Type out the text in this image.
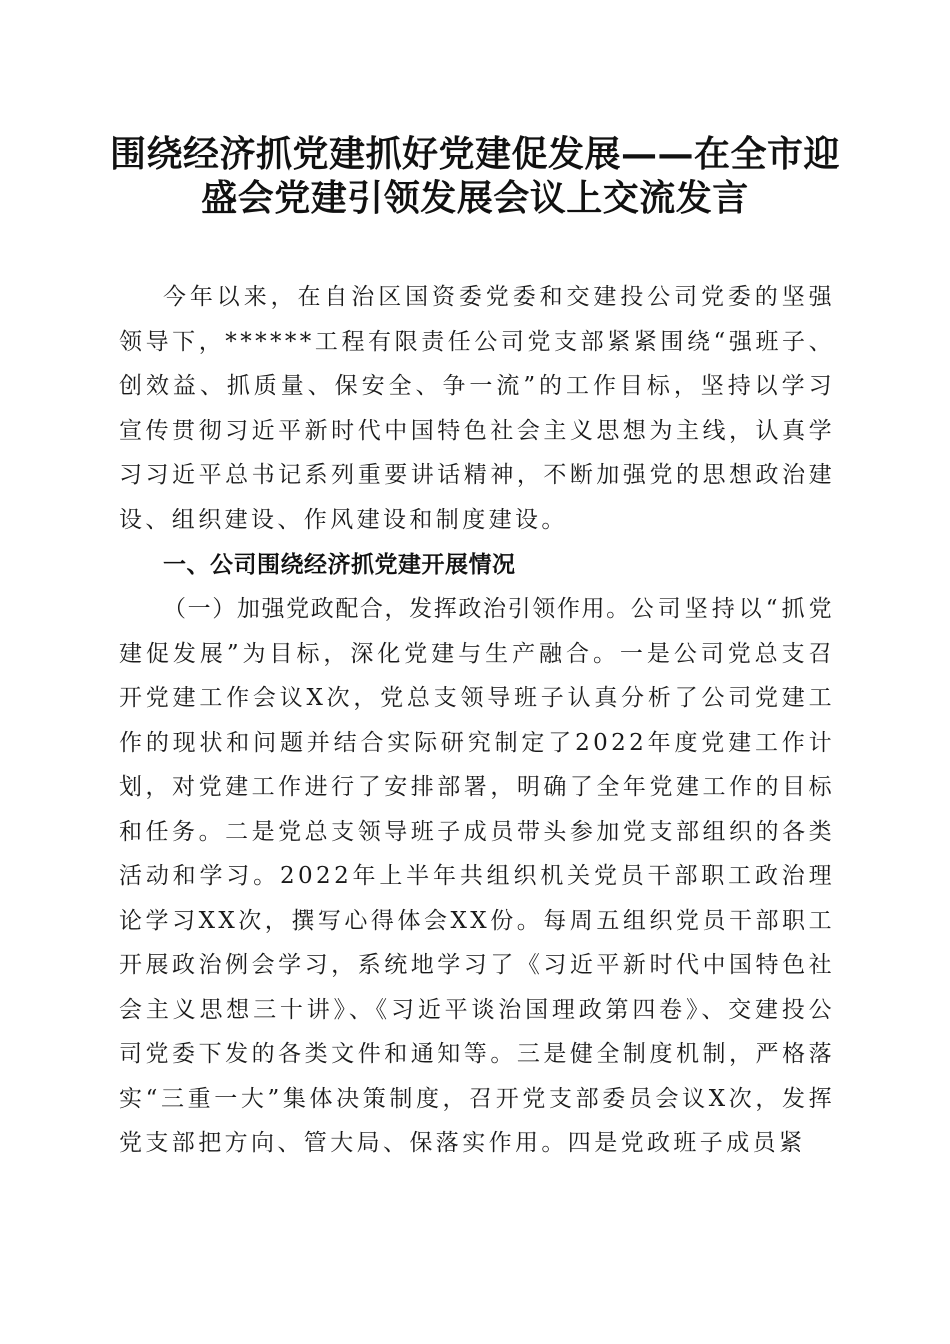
围绕经济抓党建抓好党建促发展——在全市迎
盛会党建引领发展会议上交流发言

今年以来，在自治区国资委党委和交建投公司党委的坚强领导下，******工程有限责任公司党支部紧紧围绕“强班子、创效益、抓质量、保安全、争一流”的工作目标，坚持以学习宣传贯彻习近平新时代中国特色社会主义思想为主线，认真学习习近平总书记系列重要讲话精神，不断加强党的思想政治建设、组织建设、作风建设和制度建设。

一、公司围绕经济抓党建开展情况

（一）加强党政配合，发挥政治引领作用。公司坚持以“抓党建促发展”为目标，深化党建与生产融合。一是公司党总支召开党建工作会议X次，党总支领导班子认真分析了公司党建工作的现状和问题并结合实际研究制定了2022年度党建工作计划，对党建工作进行了安排部署，明确了全年党建工作的目标和任务。二是党总支领导班子成员带头参加党支部组织的各类活动和学习。2022年上半年共组织机关党员干部职工政治理论学习XX次，撰写心得体会XX份。每周五组织党员干部职工开展政治例会学习，系统地学习了《习近平新时代中国特色社会主义思想三十讲》、《习近平谈治国理政第四卷》、交建投公司党委下发的各类文件和通知等。三是健全制度机制，严格落实“三重一大”集体决策制度，召开党支部委员会议X次，发挥党支部把方向、管大局、保落实作用。四是党政班子成员紧
